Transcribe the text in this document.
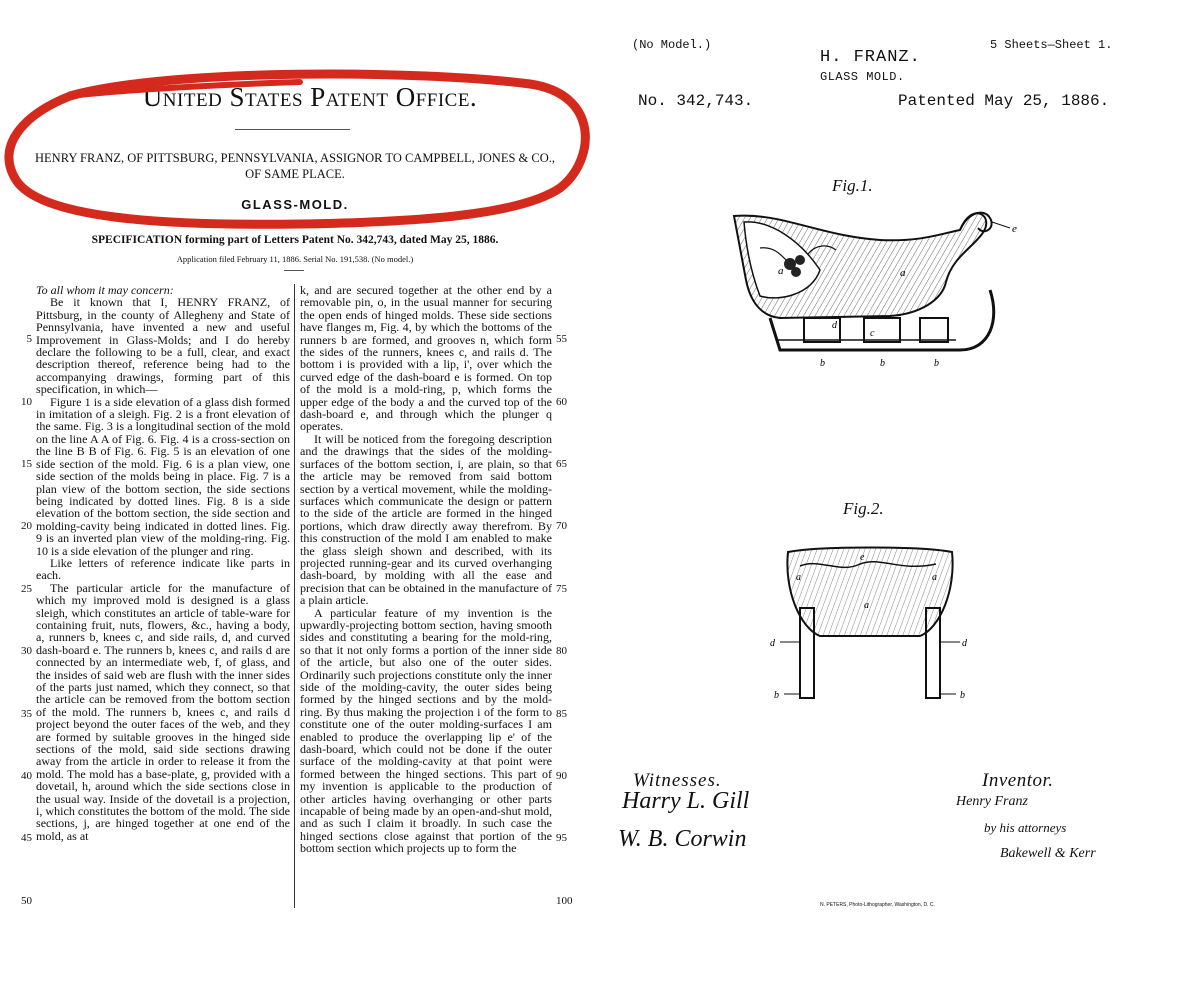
United States Patent Office.
HENRY FRANZ, OF PITTSBURG, PENNSYLVANIA, ASSIGNOR TO CAMPBELL, JONES & CO., OF SAME PLACE.
GLASS-MOLD.
SPECIFICATION forming part of Letters Patent No. 342,743, dated May 25, 1886.
Application filed February 11, 1886. Serial No. 191,538. (No model.)
5
10
15
20
25
30
35
40
45
50

To all whom it may concern:

Be it known that I, HENRY FRANZ, of Pittsburg, in the county of Allegheny and State of Pennsylvania, have invented a new and useful Improvement in Glass-Molds; and I do hereby declare the following to be a full, clear, and exact description thereof, reference being had to the accompanying drawings, forming part of this specification, in which—

Figure 1 is a side elevation of a glass dish formed in imitation of a sleigh. Fig. 2 is a front elevation of the same. Fig. 3 is a longitudinal section of the mold on the line A A of Fig. 6. Fig. 4 is a cross-section on the line B B of Fig. 6. Fig. 5 is an elevation of one side section of the mold. Fig. 6 is a plan view, one side section of the molds being in place. Fig. 7 is a plan view of the bottom section, the side sections being indicated by dotted lines. Fig. 8 is a side elevation of the bottom section, the side section and molding-cavity being indicated in dotted lines. Fig. 9 is an inverted plan view of the molding-ring. Fig. 10 is a side elevation of the plunger and ring.

Like letters of reference indicate like parts in each.

The particular article for the manufacture of which my improved mold is designed is a glass sleigh, which constitutes an article of table-ware for containing fruit, nuts, flowers, &c., having a body, a, runners b, knees c, and side rails, d, and curved dash-board e. The runners b, knees c, and rails d are connected by an intermediate web, f, of glass, and the insides of said web are flush with the inner sides of the parts just named, which they connect, so that the article can be removed from the bottom section of the mold. The runners b, knees c, and rails d project beyond the outer faces of the web, and they are formed by suitable grooves in the hinged side sections of the mold, said side sections drawing away from the article in order to release it from the mold. The mold has a base-plate, g, provided with a dovetail, h, around which the side sections close in the usual way. Inside of the dovetail is a projection, i, which constitutes the bottom of the mold. The side sections, j, are hinged together at one end of the mold, as at

k, and are secured together at the other end by a removable pin, o, in the usual manner for securing the open ends of hinged molds. These side sections have flanges m, Fig. 4, by which the bottoms of the runners b are formed, and grooves n, which form the sides of the runners, knees c, and rails d. The bottom i is provided with a lip, i', over which the curved edge of the dash-board e is formed. On top of the mold is a mold-ring, p, which forms the upper edge of the body a and the curved top of the dash-board e, and through which the plunger q operates.

It will be noticed from the foregoing description and the drawings that the sides of the molding-surfaces of the bottom section, i, are plain, so that the article may be removed from said bottom section by a vertical movement, while the molding-surfaces which communicate the design or pattern to the side of the article are formed in the hinged portions, which draw directly away therefrom. By this construction of the mold I am enabled to make the glass sleigh shown and described, with its projected running-gear and its curved overhanging dash-board, by molding with all the ease and precision that can be obtained in the manufacture of a plain article.

A particular feature of my invention is the upwardly-projecting bottom section, having smooth sides and constituting a bearing for the mold-ring, so that it not only forms a portion of the inner side of the article, but also one of the outer sides. Ordinarily such projections constitute only the inner side of the molding-cavity, the outer sides being formed by the hinged sections and by the mold-ring. By thus making the projection i of the form to constitute one of the outer molding-surfaces I am enabled to produce the overlapping lip e' of the dash-board, which could not be done if the outer surface of the molding-cavity at that point were formed between the hinged sections. This part of my invention is applicable to the production of other articles having overhanging or other parts incapable of being made by an open-and-shut mold, and as such I claim it broadly. In such case the hinged sections close against that portion of the bottom section which projects up to form the

55
60
65
70
75
80
85
90
95
100
(No Model.)	5 Sheets—Sheet 1.
H. FRANZ.
GLASS MOLD.
No. 342,743.	Patented May 25, 1886.
Fig.1.
a	a
b	b	b
c
d
e
Fig.2.
e
a
a	a
d	d
b	b
Witnesses.	Inventor.
Harry L. Gill
W. B. Corwin
Henry Franz
by his attorneys
Bakewell & Kerr
N. PETERS, Photo-Lithographer, Washington, D. C.
